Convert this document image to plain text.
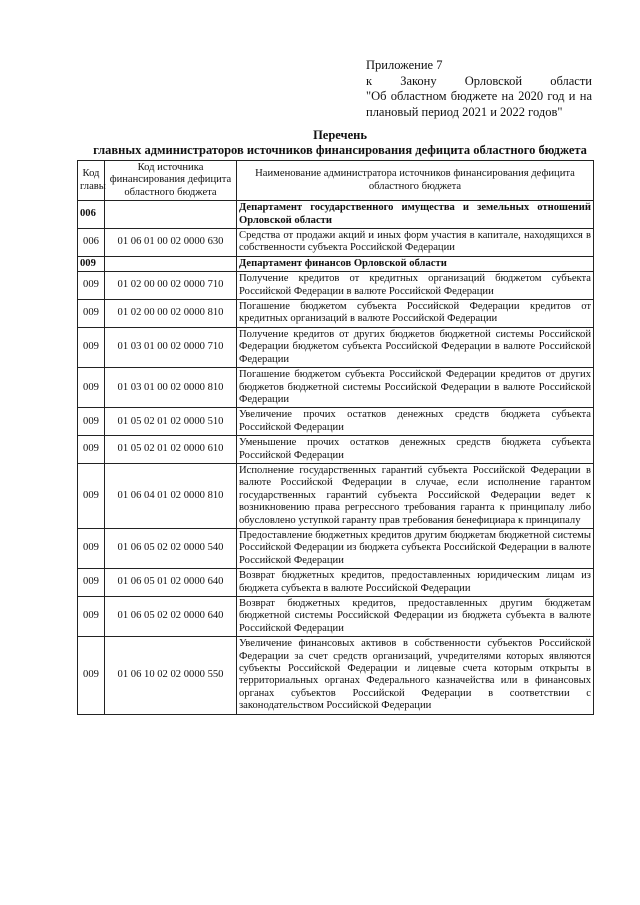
Приложение 7
к Закону Орловской области
"Об областном бюджете на 2020 год и на
плановый период 2021 и 2022 годов"
Перечень
главных администраторов источников финансирования дефицита областного бюджета
Код главы	Код источника финансирования дефицита областного бюджета	Наименование администратора источников финансирования дефицита областного бюджета

006		Департамент государственного имущества и земельных отношений Орловской области
006	01 06 01 00 02 0000 630	Средства от продажи акций и иных форм участия в капитале, находящихся в собственности субъекта Российской Федерации
009		Департамент финансов Орловской области
009	01 02 00 00 02 0000 710	Получение кредитов от кредитных организаций бюджетом субъекта Российской Федерации в валюте Российской Федерации
009	01 02 00 00 02 0000 810	Погашение бюджетом субъекта Российской Федерации кредитов от кредитных организаций в валюте Российской Федерации
009	01 03 01 00 02 0000 710	Получение кредитов от других бюджетов бюджетной системы Российской Федерации бюджетом субъекта Российской Федерации в валюте Российской Федерации
009	01 03 01 00 02 0000 810	Погашение бюджетом субъекта Российской Федерации кредитов от других бюджетов бюджетной системы Российской Федерации в валюте Российской Федерации
009	01 05 02 01 02 0000 510	Увеличение прочих остатков денежных средств бюджета субъекта Российской Федерации
009	01 05 02 01 02 0000 610	Уменьшение прочих остатков денежных средств бюджета субъекта Российской Федерации
009	01 06 04 01 02 0000 810	Исполнение государственных гарантий субъекта Российской Федерации в валюте Российской Федерации в случае, если исполнение гарантом государственных гарантий субъекта Российской Федерации ведет к возникновению права регрессного требования гаранта к принципалу либо обусловлено уступкой гаранту прав требования бенефициара к принципалу
009	01 06 05 02 02 0000 540	Предоставление бюджетных кредитов другим бюджетам бюджетной системы Российской Федерации из бюджета субъекта Российской Федерации в валюте Российской Федерации
009	01 06 05 01 02 0000 640	Возврат бюджетных кредитов, предоставленных юридическим лицам из бюджета субъекта в валюте Российской Федерации
009	01 06 05 02 02 0000 640	Возврат бюджетных кредитов, предоставленных другим бюджетам бюджетной системы Российской Федерации из бюджета субъекта в валюте Российской Федерации
009	01 06 10 02 02 0000 550	Увеличение финансовых активов в собственности субъектов Российской Федерации за счет средств организаций, учредителями которых являются субъекты Российской Федерации и лицевые счета которым открыты в территориальных органах Федерального казначейства или в финансовых органах субъектов Российской Федерации в соответствии с законодательством Российской Федерации
